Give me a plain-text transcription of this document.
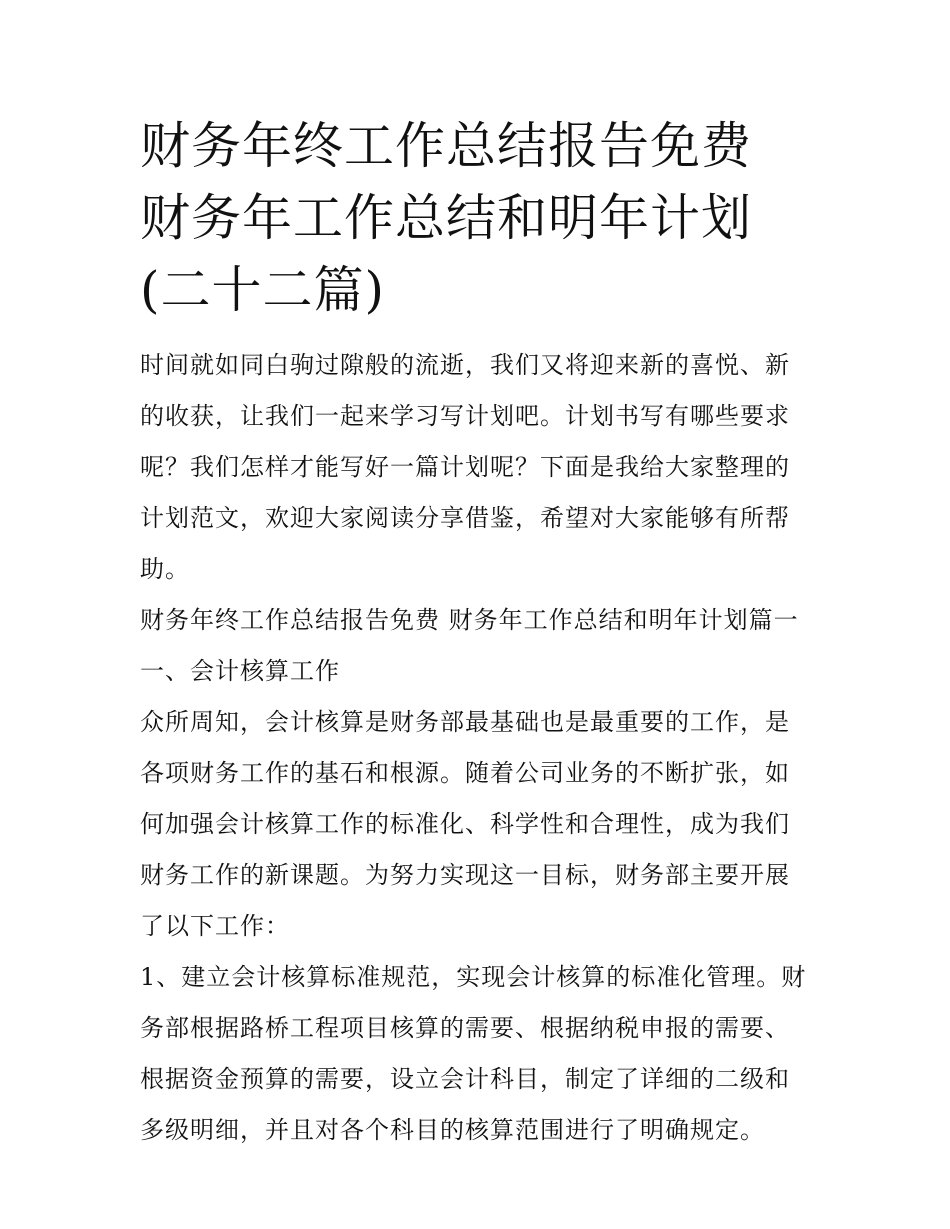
财务年终工作总结报告免费 财务年工作总结和明年计划(二十二篇)

时间就如同白驹过隙般的流逝，我们又将迎来新的喜悦、新的收获，让我们一起来学习写计划吧。计划书写有哪些要求呢？我们怎样才能写好一篇计划呢？下面是我给大家整理的计划范文，欢迎大家阅读分享借鉴，希望对大家能够有所帮助。

财务年终工作总结报告免费 财务年工作总结和明年计划篇一

一、会计核算工作

众所周知，会计核算是财务部最基础也是最重要的工作，是各项财务工作的基石和根源。随着公司业务的不断扩张，如何加强会计核算工作的标准化、科学性和合理性，成为我们财务工作的新课题。为努力实现这一目标，财务部主要开展了以下工作：

1、建立会计核算标准规范，实现会计核算的标准化管理。财务部根据路桥工程项目核算的需要、根据纳税申报的需要、根据资金预算的需要，设立会计科目，制定了详细的二级和多级明细，并且对各个科目的核算范围进行了明确规定。
